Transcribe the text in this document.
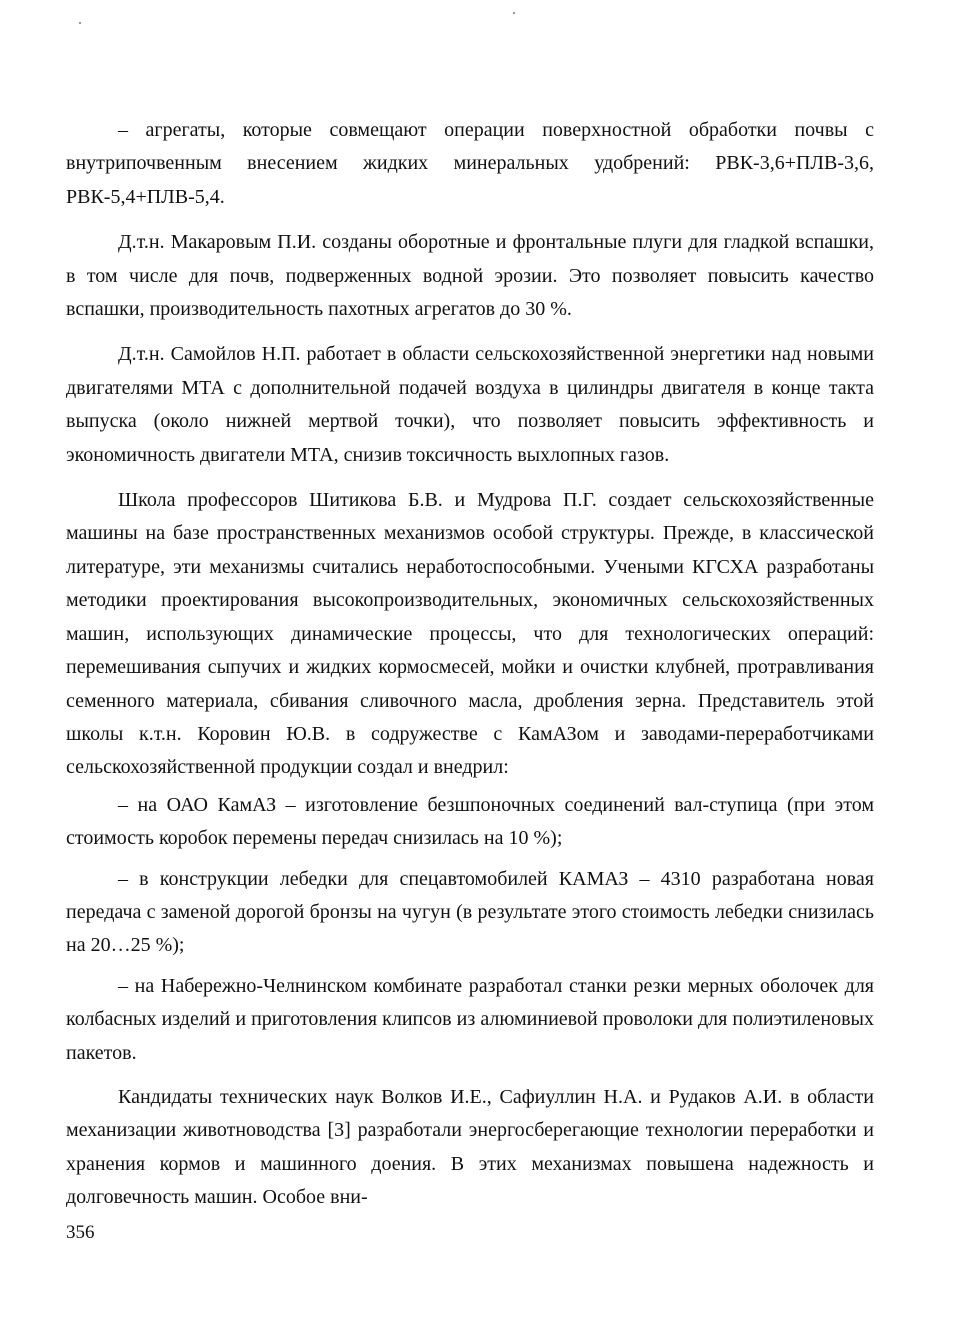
– агрегаты, которые совмещают операции поверхностной обработки почвы с внутрипочвенным внесением жидких минеральных удобрений: РВК-3,6+ПЛВ-3,6, РВК-5,4+ПЛВ-5,4.

Д.т.н. Макаровым П.И. созданы оборотные и фронтальные плуги для гладкой вспашки, в том числе для почв, подверженных водной эрозии. Это позволяет повысить качество вспашки, производительность пахотных агрегатов до 30 %.

Д.т.н. Самойлов Н.П. работает в области сельскохозяйственной энергетики над новыми двигателями МТА с дополнительной подачей воздуха в цилиндры двигателя в конце такта выпуска (около нижней мертвой точки), что позволяет повысить эффективность и экономичность двигатели МТА, снизив токсичность выхлопных газов.

Школа профессоров Шитикова Б.В. и Мудрова П.Г. создает сельскохозяйственные машины на базе пространственных механизмов особой структуры. Прежде, в классической литературе, эти механизмы считались неработоспособными. Учеными КГСХА разработаны методики проектирования высокопроизводительных, экономичных сельскохозяйственных машин, использующих динамические процессы, что для технологических операций: перемешивания сыпучих и жидких кормосмесей, мойки и очистки клубней, протравливания семенного материала, сбивания сливочного масла, дробления зерна. Представитель этой школы к.т.н. Коровин Ю.В. в содружестве с КамАЗом и заводами-переработчиками сельскохозяйственной продукции создал и внедрил:

– на ОАО КамАЗ – изготовление безшпоночных соединений вал-ступица (при этом стоимость коробок перемены передач снизилась на 10 %);

– в конструкции лебедки для спецавтомобилей КАМАЗ – 4310 разработана новая передача с заменой дорогой бронзы на чугун (в результате этого стоимость лебедки снизилась на 20…25 %);

– на Набережно-Челнинском комбинате разработал станки резки мерных оболочек для колбасных изделий и приготовления клипсов из алюминиевой проволоки для полиэтиленовых пакетов.

Кандидаты технических наук Волков И.Е., Сафиуллин Н.А. и Рудаков А.И. в области механизации животноводства [3] разработали энергосберегающие технологии переработки и хранения кормов и машинного доения. В этих механизмах повышена надежность и долговечность машин. Особое вни-

356
